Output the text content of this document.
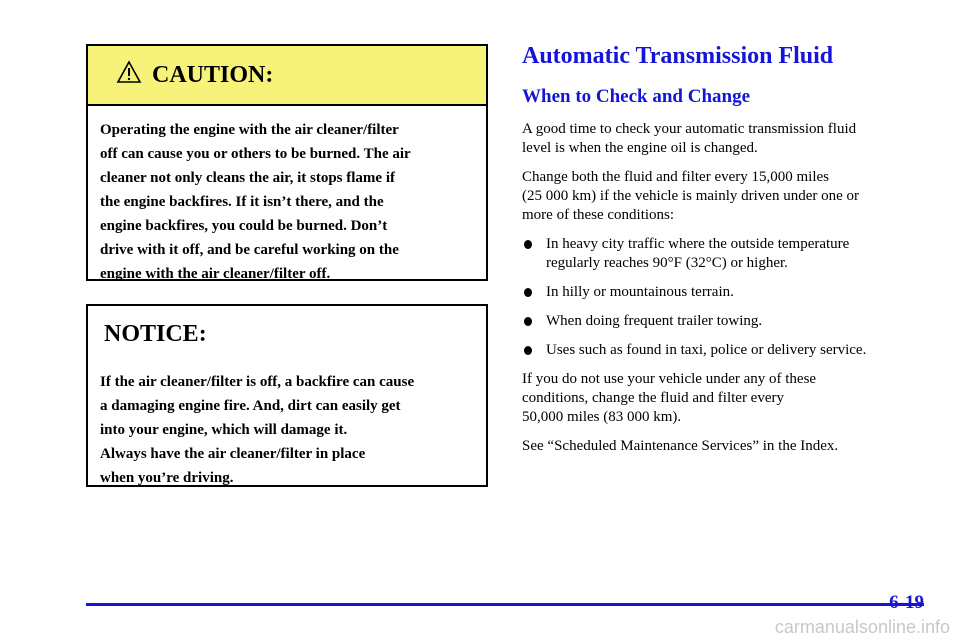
CAUTION:
Operating the engine with the air cleaner/filter
off can cause you or others to be burned. The air
cleaner not only cleans the air, it stops flame if
the engine backfires. If it isn’t there, and the
engine backfires, you could be burned. Don’t
drive with it off, and be careful working on the
engine with the air cleaner/filter off.
NOTICE:
If the air cleaner/filter is off, a backfire can cause
a damaging engine fire. And, dirt can easily get
into your engine, which will damage it.
Always have the air cleaner/filter in place
when you’re driving.
Automatic Transmission Fluid
When to Check and Change
A good time to check your automatic transmission fluid
level is when the engine oil is changed.
Change both the fluid and filter every 15,000 miles
(25 000 km) if the vehicle is mainly driven under one or
more of these conditions:
In heavy city traffic where the outside temperature
regularly reaches 90°F (32°C) or higher.
In hilly or mountainous terrain.
When doing frequent trailer towing.
Uses such as found in taxi, police or delivery service.
If you do not use your vehicle under any of these
conditions, change the fluid and filter every
50,000 miles (83 000 km).
See “Scheduled Maintenance Services” in the Index.
6-19
carmanualsonline.info
